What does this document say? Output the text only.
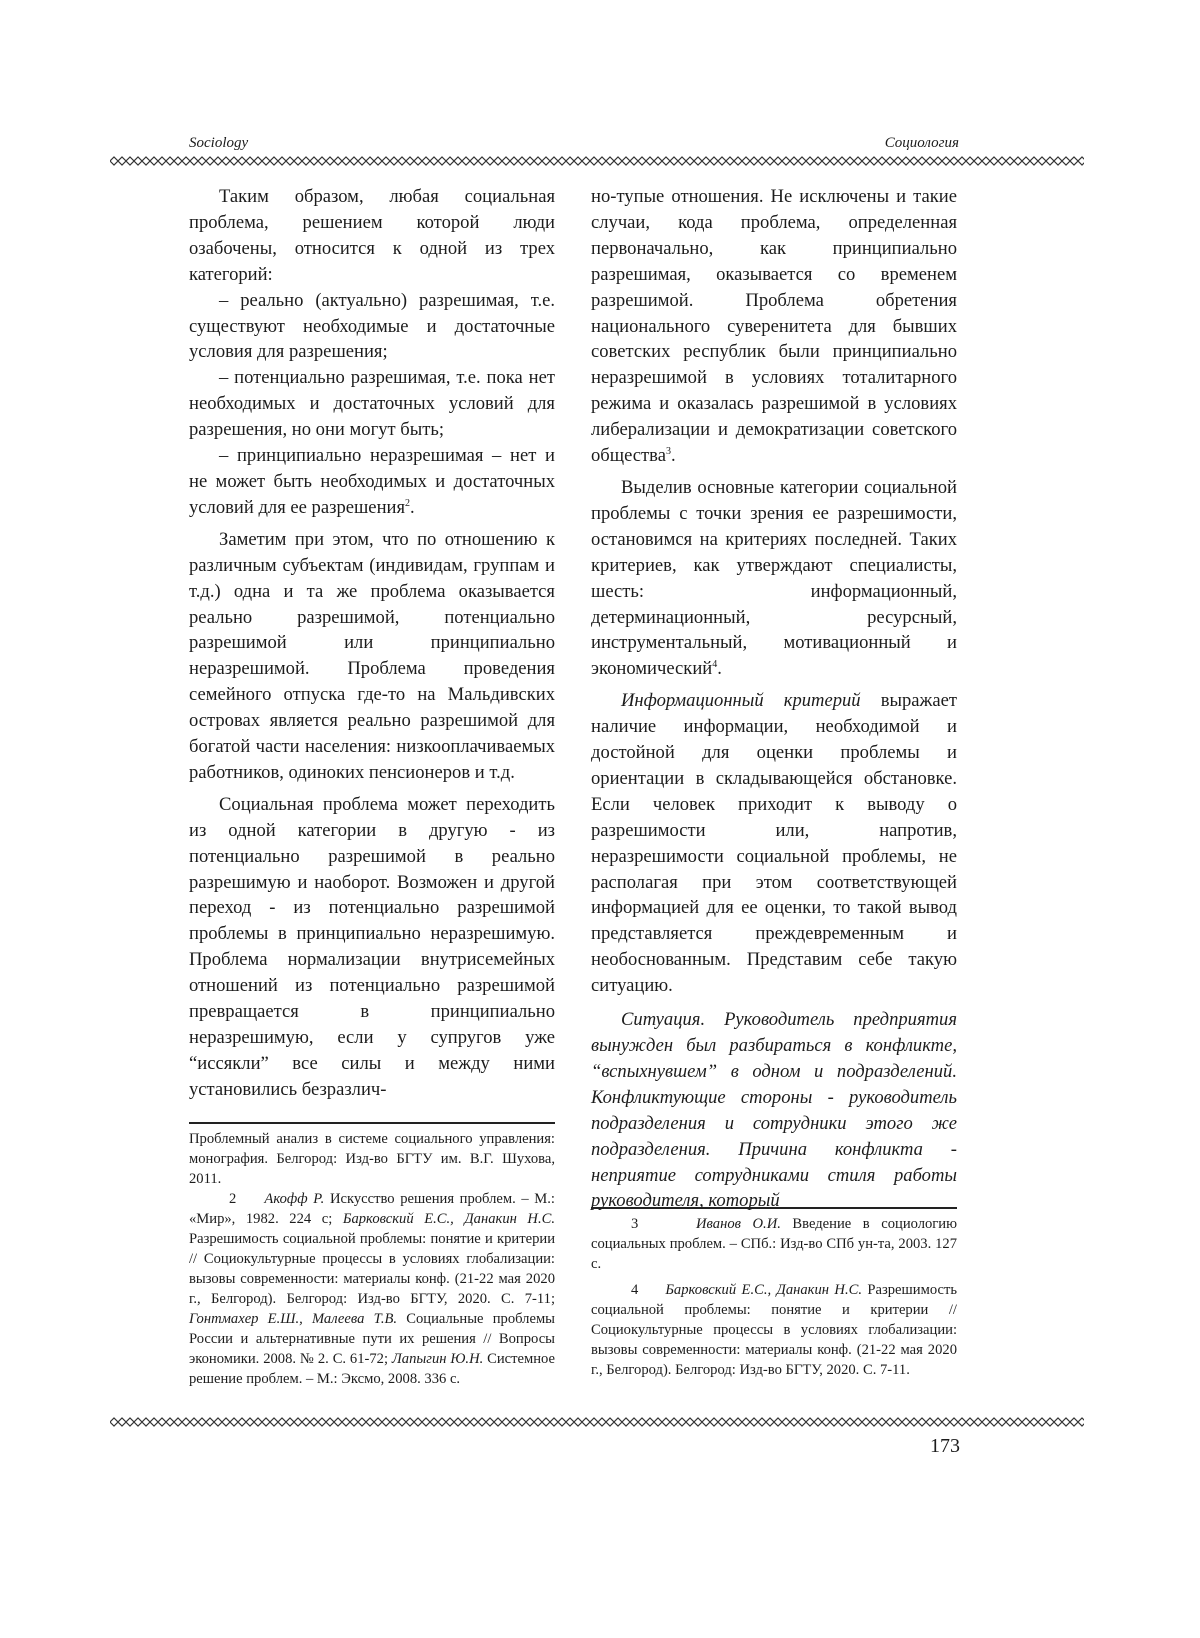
Sociology	Социология

Таким образом, любая социальная проблема, решением которой люди озабочены, относится к одной из трех категорий:

– реально (актуально) разрешимая, т.е. существуют необходимые и достаточные условия для разрешения;

– потенциально разрешимая, т.е. пока нет необходимых и достаточных условий для разрешения, но они могут быть;

– принципиально неразрешимая – нет и не может быть необходимых и достаточных условий для ее разрешения2.

Заметим при этом, что по отношению к различным субъектам (индивидам, группам и т.д.) одна и та же проблема оказывается реально разрешимой, потенциально разрешимой или принципиально неразрешимой. Проблема проведения семейного отпуска где-то на Мальдивских островах является реально разрешимой для богатой части населения: низкооплачиваемых работников, одиноких пенсионеров и т.д.

Социальная проблема может переходить из одной категории в другую - из потенциально разрешимой в реально разрешимую и наоборот. Возможен и другой переход - из потенциально разрешимой проблемы в принципиально неразрешимую. Проблема нормализации внутрисемейных отношений из потенциально разрешимой превращается в принципиально неразрешимую, если у супругов уже “иссякли” все силы и между ними установились безразлич-

Проблемный анализ в системе социального управления: монография. Белгород: Изд-во БГТУ им. В.Г. Шухова, 2011.

2 Акофф Р. Искусство решения проблем. – М.: «Мир», 1982. 224 с; Барковский Е.С., Данакин Н.С. Разрешимость социальной проблемы: понятие и критерии // Социокультурные процессы в условиях глобализации: вызовы современности: материалы конф. (21-22 мая 2020 г., Белгород). Белгород: Изд-во БГТУ, 2020. С. 7-11; Гонтмахер Е.Ш., Малеева Т.В. Социальные проблемы России и альтернативные пути их решения // Вопросы экономики. 2008. № 2. С. 61-72; Лапыгин Ю.Н. Системное решение проблем. – М.: Эксмо, 2008. 336 с.

но-тупые отношения. Не исключены и такие случаи, кода проблема, определенная первоначально, как принципиально разрешимая, оказывается со временем разрешимой. Проблема обретения национального суверенитета для бывших советских республик были принципиально неразрешимой в условиях тоталитарного режима и оказалась разрешимой в условиях либерализации и демократизации советского общества3.

Выделив основные категории социальной проблемы с точки зрения ее разрешимости, остановимся на критериях последней. Таких критериев, как утверждают специалисты, шесть: информационный, детерминационный, ресурсный, инструментальный, мотивационный и экономический4.

Информационный критерий выражает наличие информации, необходимой и достойной для оценки проблемы и ориентации в складывающейся обстановке. Если человек приходит к выводу о разрешимости или, напротив, неразрешимости социальной проблемы, не располагая при этом соответствующей информацией для ее оценки, то такой вывод представляется преждевременным и необоснованным. Представим себе такую ситуацию.

Ситуация. Руководитель предприятия вынужден был разбираться в конфликте, “вспыхнувшем” в одном и подразделений. Конфликтующие стороны - руководитель подразделения и сотрудники этого же подразделения. Причина конфликта - неприятие сотрудниками стиля работы руководителя, который

3	Иванов О.И. Введение в социологию социальных проблем. – СПб.: Изд-во СПб ун-та, 2003. 127 с.

4 Барковский Е.С., Данакин Н.С. Разрешимость социальной проблемы: понятие и критерии // Социокультурные процессы в условиях глобализации: вызовы современности: материалы конф. (21-22 мая 2020 г., Белгород). Белгород: Изд-во БГТУ, 2020. С. 7-11.

173
